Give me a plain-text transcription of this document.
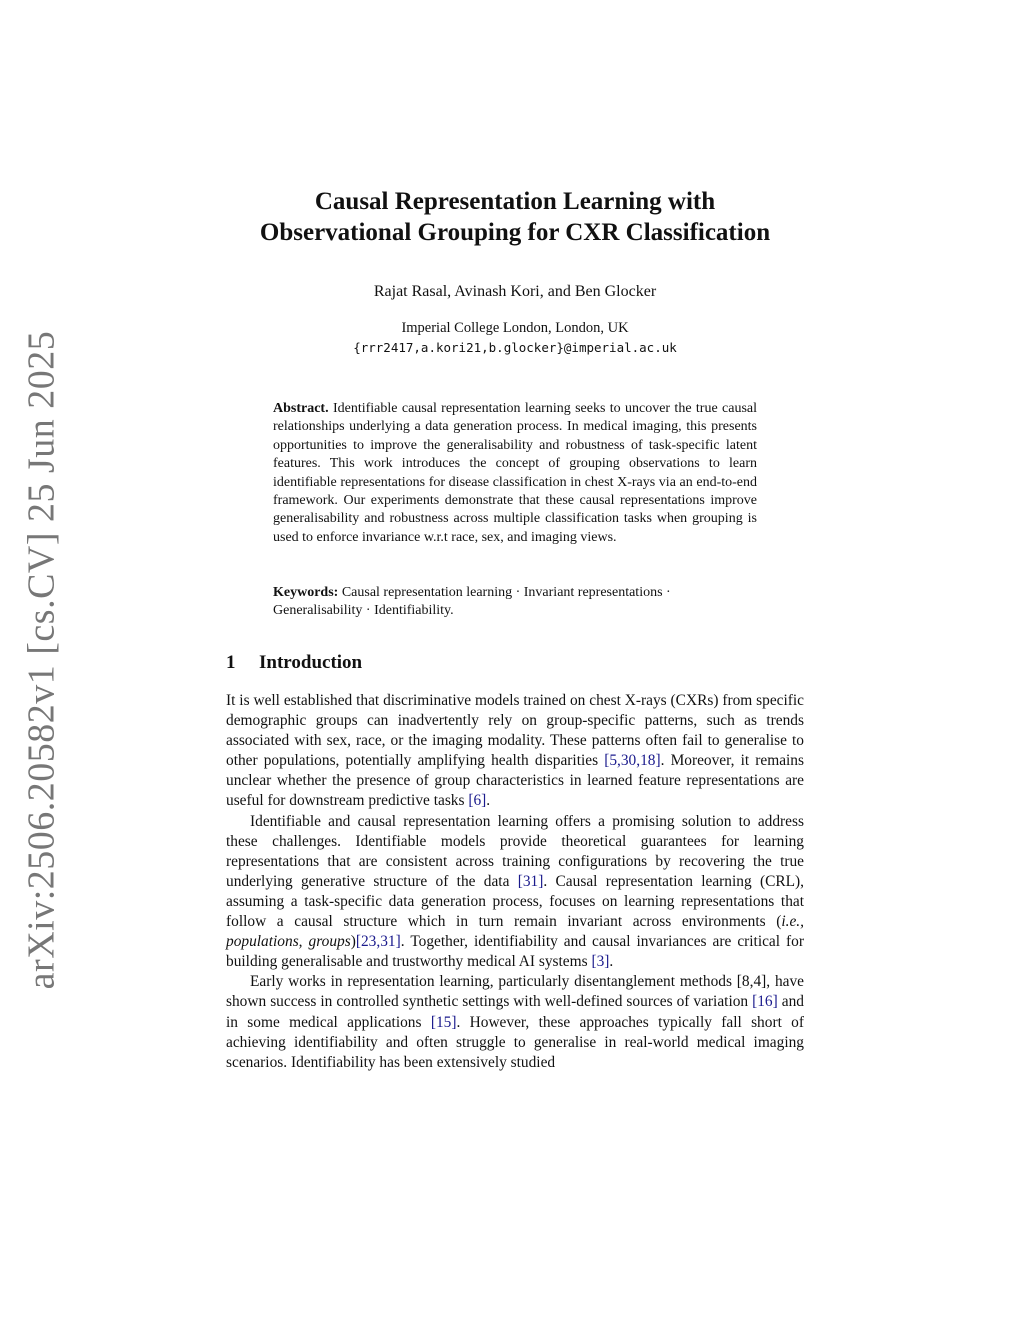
arXiv:2506.20582v1 [cs.CV] 25 Jun 2025
Causal Representation Learning with
Observational Grouping for CXR Classification
Rajat Rasal, Avinash Kori, and Ben Glocker
Imperial College London, London, UK
{rrr2417,a.kori21,b.glocker}@imperial.ac.uk
Abstract. Identifiable causal representation learning seeks to uncover the true causal relationships underlying a data generation process. In medical imaging, this presents opportunities to improve the generalisability and robustness of task-specific latent features. This work introduces the concept of grouping observations to learn identifiable representations for disease classification in chest X-rays via an end-to-end framework. Our experiments demonstrate that these causal representations improve generalisability and robustness across multiple classification tasks when grouping is used to enforce invariance w.r.t race, sex, and imaging views.
Keywords: Causal representation learning · Invariant representations · Generalisability · Identifiability.
1 Introduction

It is well established that discriminative models trained on chest X-rays (CXRs) from specific demographic groups can inadvertently rely on group-specific patterns, such as trends associated with sex, race, or the imaging modality. These patterns often fail to generalise to other populations, potentially amplifying health disparities [5,30,18]. Moreover, it remains unclear whether the presence of group characteristics in learned feature representations are useful for downstream predictive tasks [6].

Identifiable and causal representation learning offers a promising solution to address these challenges. Identifiable models provide theoretical guarantees for learning representations that are consistent across training configurations by recovering the true underlying generative structure of the data [31]. Causal representation learning (CRL), assuming a task-specific data generation process, focuses on learning representations that follow a causal structure which in turn remain invariant across environments (i.e., populations, groups)[23,31]. Together, identifiability and causal invariances are critical for building generalisable and trustworthy medical AI systems [3].

Early works in representation learning, particularly disentanglement methods [8,4], have shown success in controlled synthetic settings with well-defined sources of variation [16] and in some medical applications [15]. However, these approaches typically fall short of achieving identifiability and often struggle to generalise in real-world medical imaging scenarios. Identifiability has been extensively studied
